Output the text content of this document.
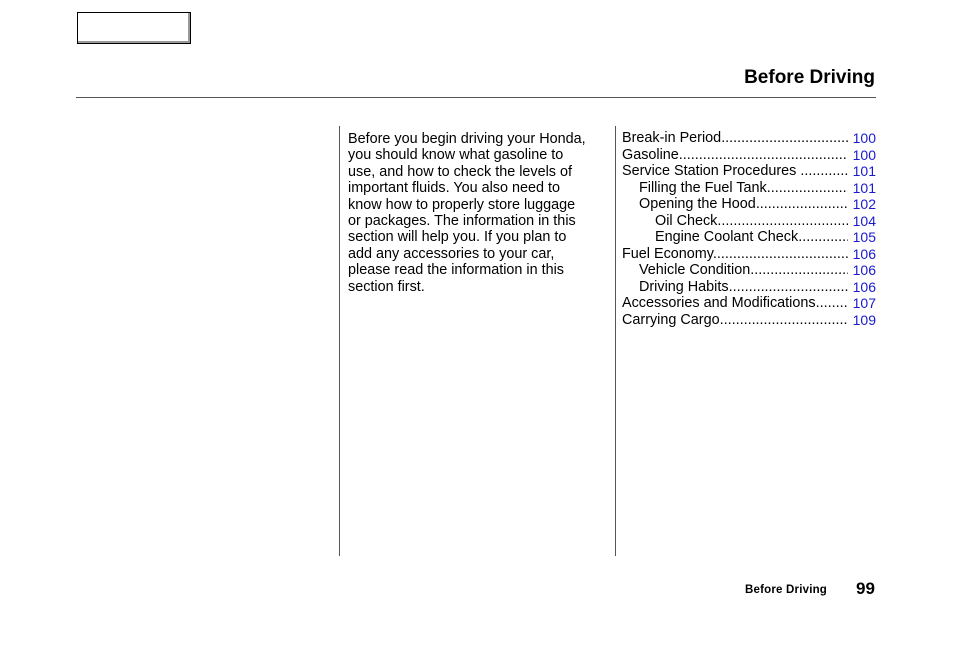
Before Driving
Before you begin driving your Honda,
you should know what gasoline to
use, and how to check the levels of
important fluids. You also need to
know how to properly store luggage
or packages. The information in this
section will help you. If you plan to
add any accessories to your car,
please read the information in this
section first.
Break-in Period .....	100
Gasoline .....	100
Service Station Procedures .....	101
Filling the Fuel Tank .....	101
Opening the Hood .....	102
Oil Check .....	104
Engine Coolant Check .....	105
Fuel Economy .....	106
Vehicle Condition .....	106
Driving Habits .....	106
Accessories and Modifications .....	107
Carrying Cargo .....	109
Before Driving 99
